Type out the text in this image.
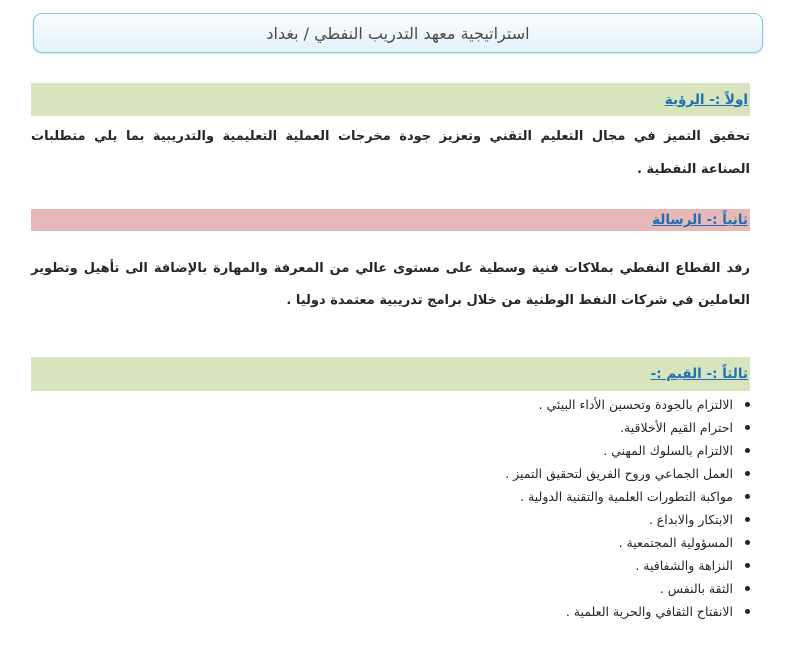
استراتيجية معهد التدريب النفطي / بغداد
اولاً :- الرؤية
تحقيق التميز في مجال التعليم التقني وتعزيز جودة مخرجات العملية التعليمية والتدريبية بما يلي متطلبات
الصناعة النفطية .
ثانياً :- الرسالة
رفد القطاع النفطي بملاكات فنية وسطية على مستوى عالي من المعرفة والمهارة بالإضافة الى تأهيل وتطوير
العاملين في شركات النفط الوطنية من خلال برامج تدريبية معتمدة دوليا .
ثالثاً :- القيم :-
الالتزام بالجودة وتحسين الأداء البيئي .
احترام القيم الأخلاقية.
الالتزام بالسلوك المهني .
العمل الجماعي وروح الفريق لتحقيق التميز .
مواكبة التطورات العلمية والتقنية الدولية .
الابتكار والابداع .
المسؤولية المجتمعية .
النزاهة والشفافية .
الثقة بالنفس .
الانفتاح الثقافي والحرية العلمية .
